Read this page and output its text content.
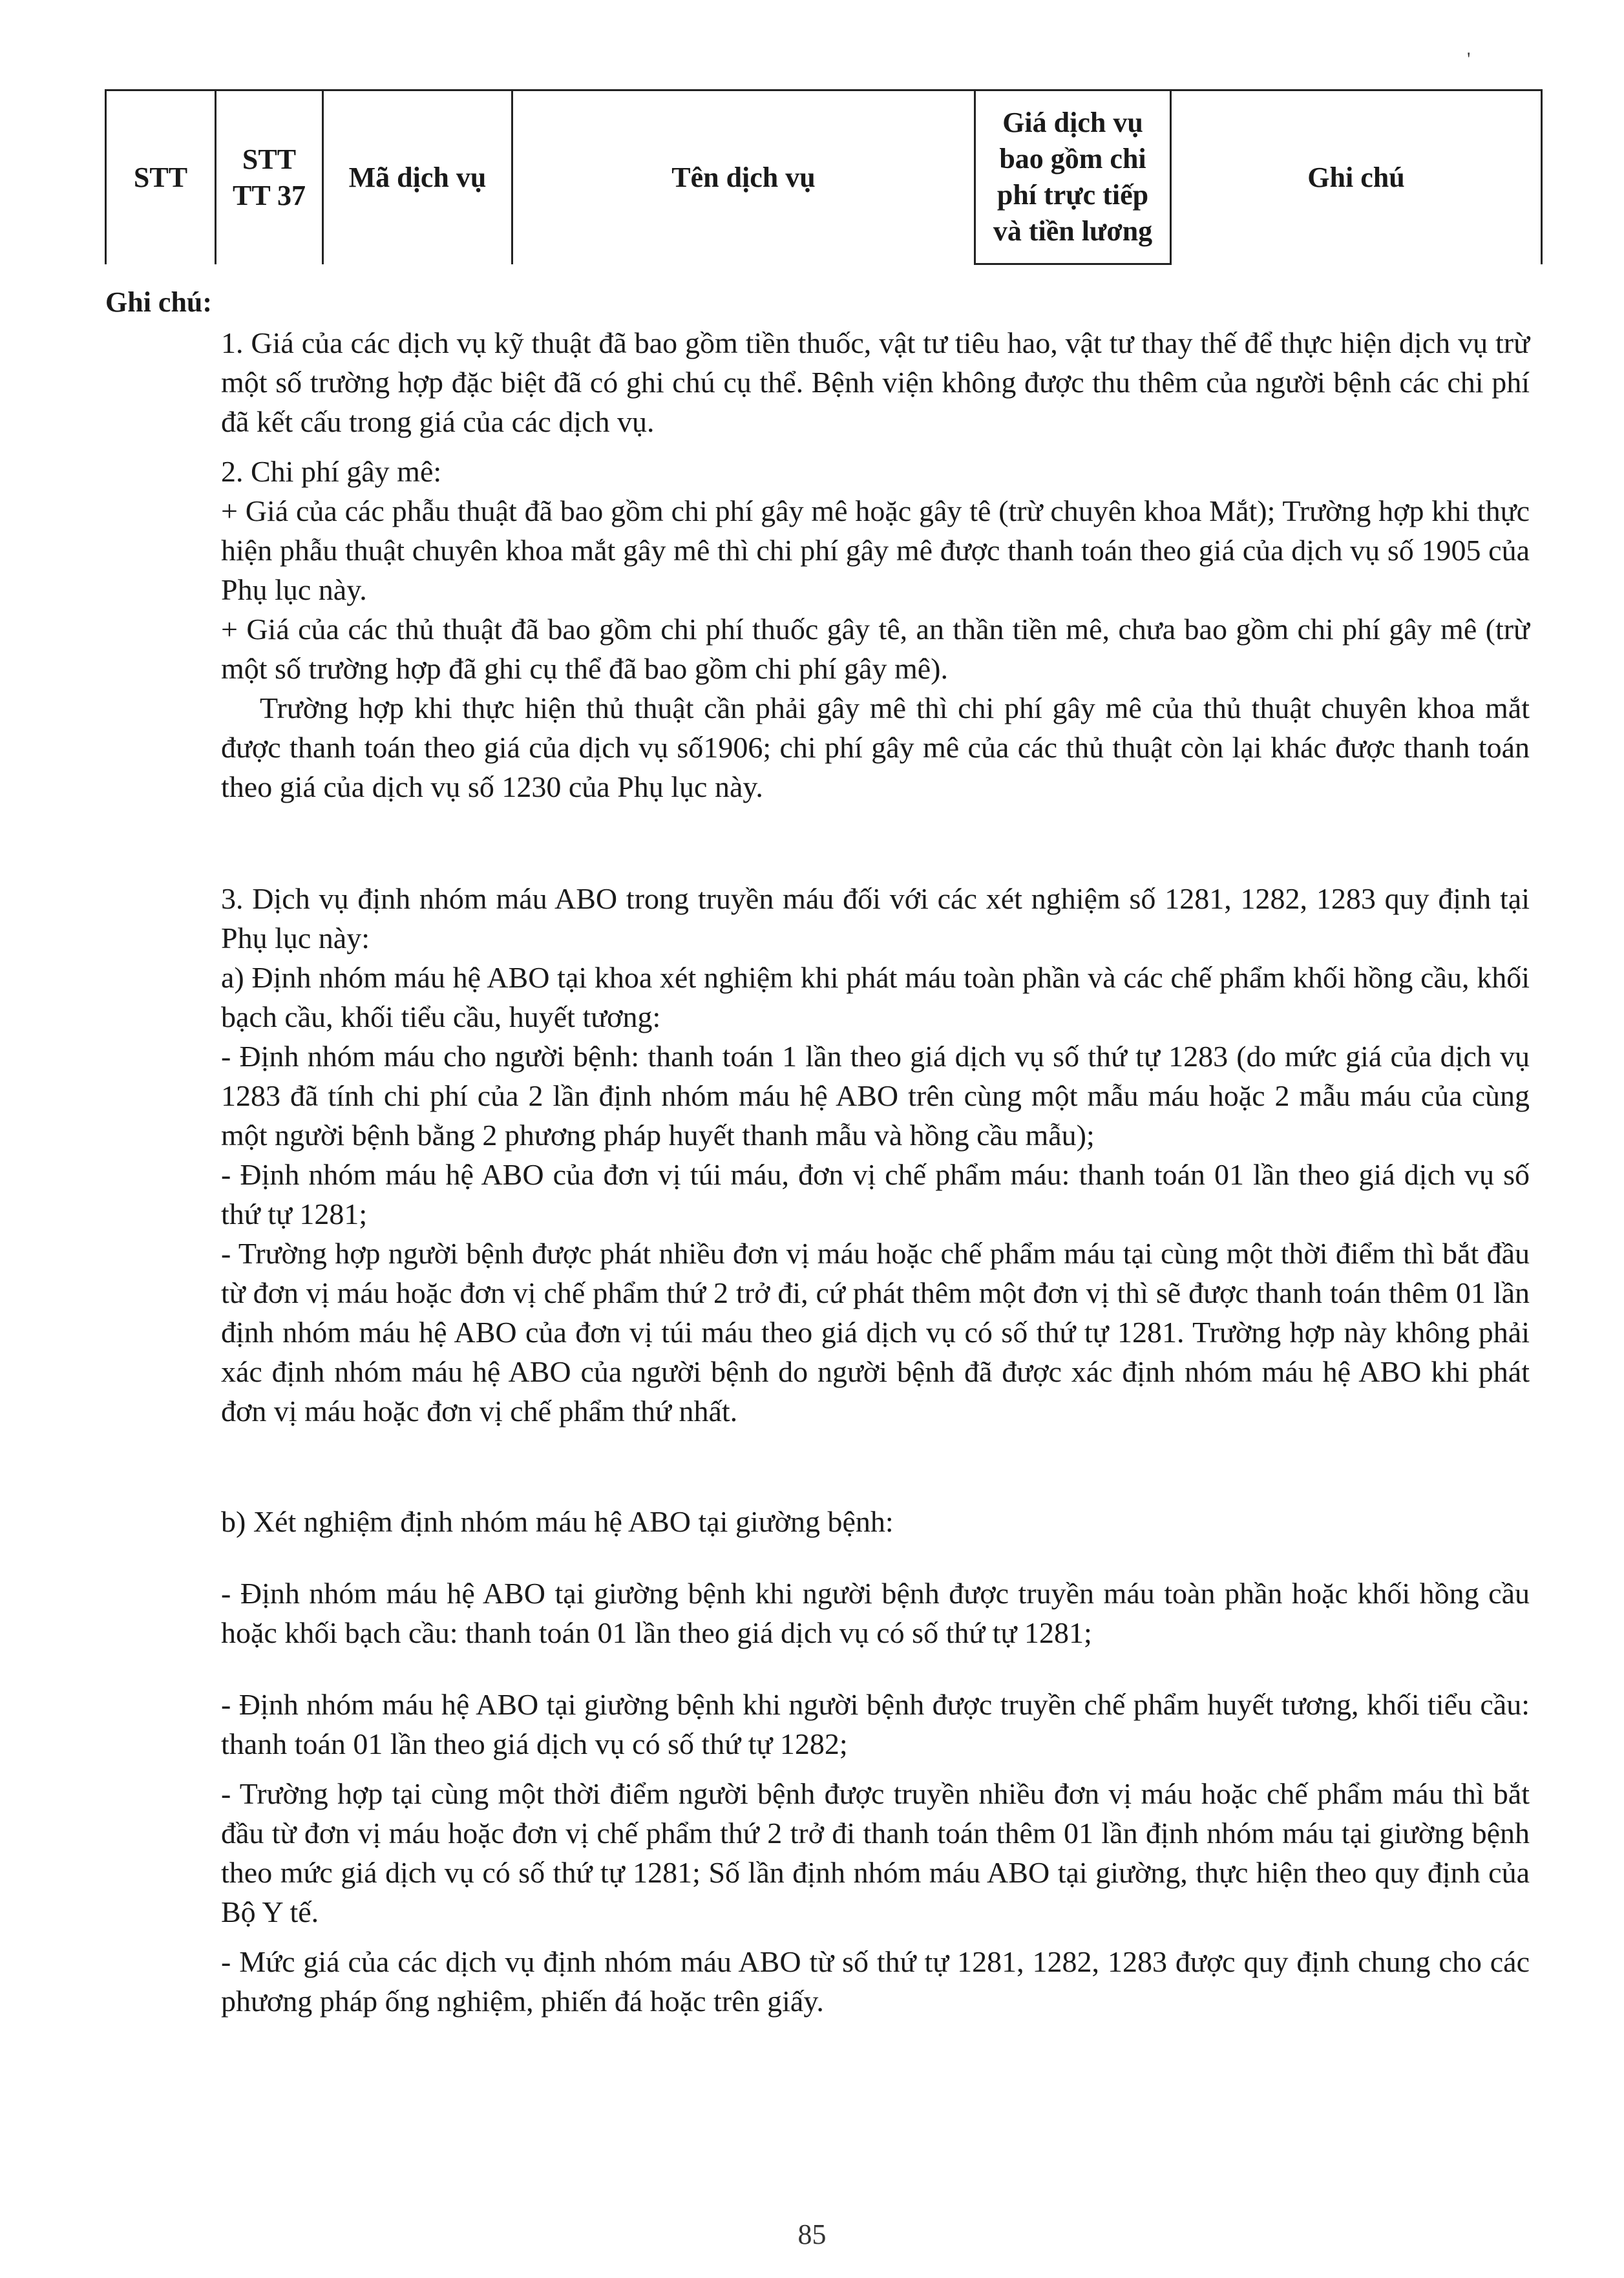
'
STT	STT TT 37	Mã dịch vụ	Tên dịch vụ	Giá dịch vụ bao gồm chi phí trực tiếp và tiền lương	Ghi chú
Ghi chú:

1. Giá của các dịch vụ kỹ thuật đã bao gồm tiền thuốc, vật tư tiêu hao, vật tư thay thế để thực hiện dịch vụ trừ một số trường hợp đặc biệt đã có ghi chú cụ thể. Bệnh viện không được thu thêm của người bệnh các chi phí đã kết cấu trong giá của các dịch vụ.

2. Chi phí gây mê:

+ Giá của các phẫu thuật đã bao gồm chi phí gây mê hoặc gây tê (trừ chuyên khoa Mắt); Trường hợp khi thực hiện phẫu thuật chuyên khoa mắt gây mê thì chi phí gây mê được thanh toán theo giá của dịch vụ số 1905 của Phụ lục này.

+ Giá của các thủ thuật đã bao gồm chi phí thuốc gây tê, an thần tiền mê, chưa bao gồm chi phí gây mê (trừ một số trường hợp đã ghi cụ thể đã bao gồm chi phí gây mê).

Trường hợp khi thực hiện thủ thuật cần phải gây mê thì chi phí gây mê của thủ thuật chuyên khoa mắt được thanh toán theo giá của dịch vụ số1906; chi phí gây mê của các thủ thuật còn lại khác được thanh toán theo giá của dịch vụ số 1230 của Phụ lục này.

3. Dịch vụ định nhóm máu ABO trong truyền máu đối với các xét nghiệm số 1281, 1282, 1283 quy định tại Phụ lục này:

a) Định nhóm máu hệ ABO tại khoa xét nghiệm khi phát máu toàn phần và các chế phẩm khối hồng cầu, khối bạch cầu, khối tiểu cầu, huyết tương:

- Định nhóm máu cho người bệnh: thanh toán 1 lần theo giá dịch vụ số thứ tự 1283 (do mức giá của dịch vụ 1283 đã tính chi phí của 2 lần định nhóm máu hệ ABO trên cùng một mẫu máu hoặc 2 mẫu máu của cùng một người bệnh bằng 2 phương pháp huyết thanh mẫu và hồng cầu mẫu);

- Định nhóm máu hệ ABO của đơn vị túi máu, đơn vị chế phẩm máu: thanh toán 01 lần theo giá dịch vụ số thứ tự 1281;

- Trường hợp người bệnh được phát nhiều đơn vị máu hoặc chế phẩm máu tại cùng một thời điểm thì bắt đầu từ đơn vị máu hoặc đơn vị chế phẩm thứ 2 trở đi, cứ phát thêm một đơn vị thì sẽ được thanh toán thêm 01 lần định nhóm máu hệ ABO của đơn vị túi máu theo giá dịch vụ có số thứ tự 1281. Trường hợp này không phải xác định nhóm máu hệ ABO của người bệnh do người bệnh đã được xác định nhóm máu hệ ABO khi phát đơn vị máu hoặc đơn vị chế phẩm thứ nhất.

b) Xét nghiệm định nhóm máu hệ ABO tại giường bệnh:

- Định nhóm máu hệ ABO tại giường bệnh khi người bệnh được truyền máu toàn phần hoặc khối hồng cầu hoặc khối bạch cầu: thanh toán 01 lần theo giá dịch vụ có số thứ tự 1281;

- Định nhóm máu hệ ABO tại giường bệnh khi người bệnh được truyền chế phẩm huyết tương, khối tiểu cầu: thanh toán 01 lần theo giá dịch vụ có số thứ tự 1282;

- Trường hợp tại cùng một thời điểm người bệnh được truyền nhiều đơn vị máu hoặc chế phẩm máu thì bắt đầu từ đơn vị máu hoặc đơn vị chế phẩm thứ 2 trở đi thanh toán thêm 01 lần định nhóm máu tại giường bệnh theo mức giá dịch vụ có số thứ tự 1281; Số lần định nhóm máu ABO tại giường, thực hiện theo quy định của Bộ Y tế.

- Mức giá của các dịch vụ định nhóm máu ABO từ số thứ tự 1281, 1282, 1283 được quy định chung cho các phương pháp ống nghiệm, phiến đá hoặc trên giấy.

85
